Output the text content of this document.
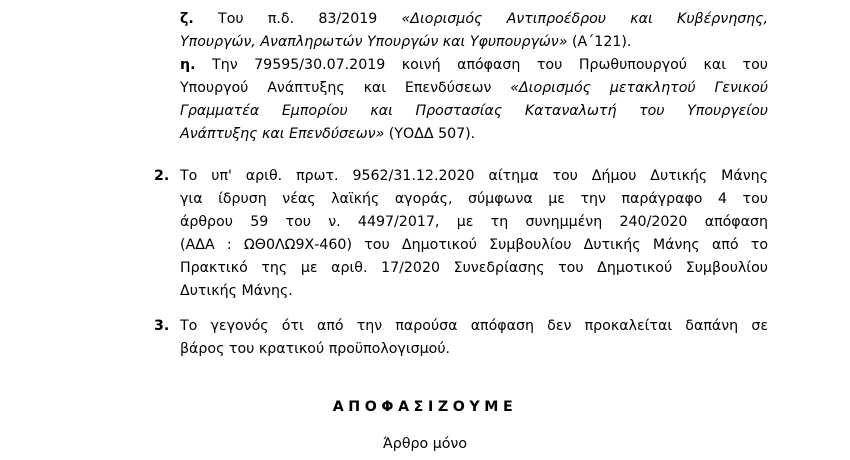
ζ. Του π.δ. 83/2019 «Διορισμός Αντιπροέδρου και Κυβέρνησης,
Υπουργών, Αναπληρωτών Υπουργών και Υφυπουργών» (Α΄121).
η. Την 79595/30.07.2019 κοινή απόφαση του Πρωθυπουργού και του
Υπουργού Ανάπτυξης και Επενδύσεων «Διορισμός μετακλητού Γενικού
Γραμματέα Εμπορίου και Προστασίας Καταναλωτή του Υπουργείου
Ανάπτυξης και Επενδύσεων» (ΥΟΔΔ 507).
2. Το υπ' αριθ. πρωτ. 9562/31.12.2020 αίτημα του Δήμου Δυτικής Μάνης
για ίδρυση νέας λαϊκής αγοράς, σύμφωνα με την παράγραφο 4 του
άρθρου 59 του ν. 4497/2017, με τη συνημμένη 240/2020 απόφαση
(ΑΔΑ : ΩΘ0ΛΩ9Χ-460) του Δημοτικού Συμβουλίου Δυτικής Μάνης από το
Πρακτικό της με αριθ. 17/2020 Συνεδρίασης του Δημοτικού Συμβουλίου
Δυτικής Μάνης.
3. Το γεγονός ότι από την παρούσα απόφαση δεν προκαλείται δαπάνη σε
βάρος του κρατικού προϋπολογισμού.
ΑΠΟΦΑΣΙΖΟΥΜΕ
Άρθρο μόνο
